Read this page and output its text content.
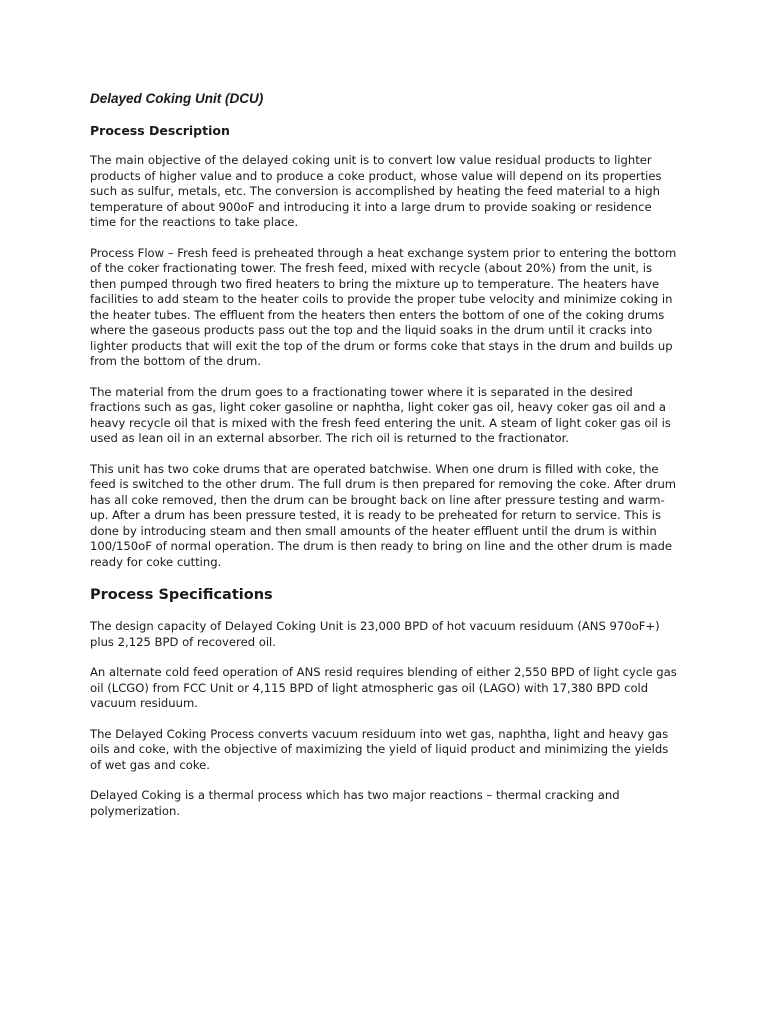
Delayed Coking Unit (DCU)
Process Description

The main objective of the delayed coking unit is to convert low value residual products to lighter products of higher value and to produce a coke product, whose value will depend on its properties such as sulfur, metals, etc. The conversion is accomplished by heating the feed material to a high temperature of about 900oF and introducing it into a large drum to provide soaking or residence time for the reactions to take place.

Process Flow – Fresh feed is preheated through a heat exchange system prior to entering the bottom of the coker fractionating tower. The fresh feed, mixed with recycle (about 20%) from the unit, is then pumped through two fired heaters to bring the mixture up to temperature. The heaters have facilities to add steam to the heater coils to provide the proper tube velocity and minimize coking in the heater tubes. The effluent from the heaters then enters the bottom of one of the coking drums where the gaseous products pass out the top and the liquid soaks in the drum until it cracks into lighter products that will exit the top of the drum or forms coke that stays in the drum and builds up from the bottom of the drum.

The material from the drum goes to a fractionating tower where it is separated in the desired fractions such as gas, light coker gasoline or naphtha, light coker gas oil, heavy coker gas oil and a heavy recycle oil that is mixed with the fresh feed entering the unit. A steam of light coker gas oil is used as lean oil in an external absorber. The rich oil is returned to the fractionator.

This unit has two coke drums that are operated batchwise. When one drum is filled with coke, the feed is switched to the other drum. The full drum is then prepared for removing the coke. After drum has all coke removed, then the drum can be brought back on line after pressure testing and warm-up. After a drum has been pressure tested, it is ready to be preheated for return to service. This is done by introducing steam and then small amounts of the heater effluent until the drum is within 100/150oF of normal operation. The drum is then ready to bring on line and the other drum is made ready for coke cutting.

Process Specifications

The design capacity of Delayed Coking Unit is 23,000 BPD of hot vacuum residuum (ANS 970oF+) plus 2,125 BPD of recovered oil.

An alternate cold feed operation of ANS resid requires blending of either 2,550 BPD of light cycle gas oil (LCGO) from FCC Unit or 4,115 BPD of light atmospheric gas oil (LAGO) with 17,380 BPD cold vacuum residuum.

The Delayed Coking Process converts vacuum residuum into wet gas, naphtha, light and heavy gas oils and coke, with the objective of maximizing the yield of liquid product and minimizing the yields of wet gas and coke.

Delayed Coking is a thermal process which has two major reactions – thermal cracking and polymerization.
